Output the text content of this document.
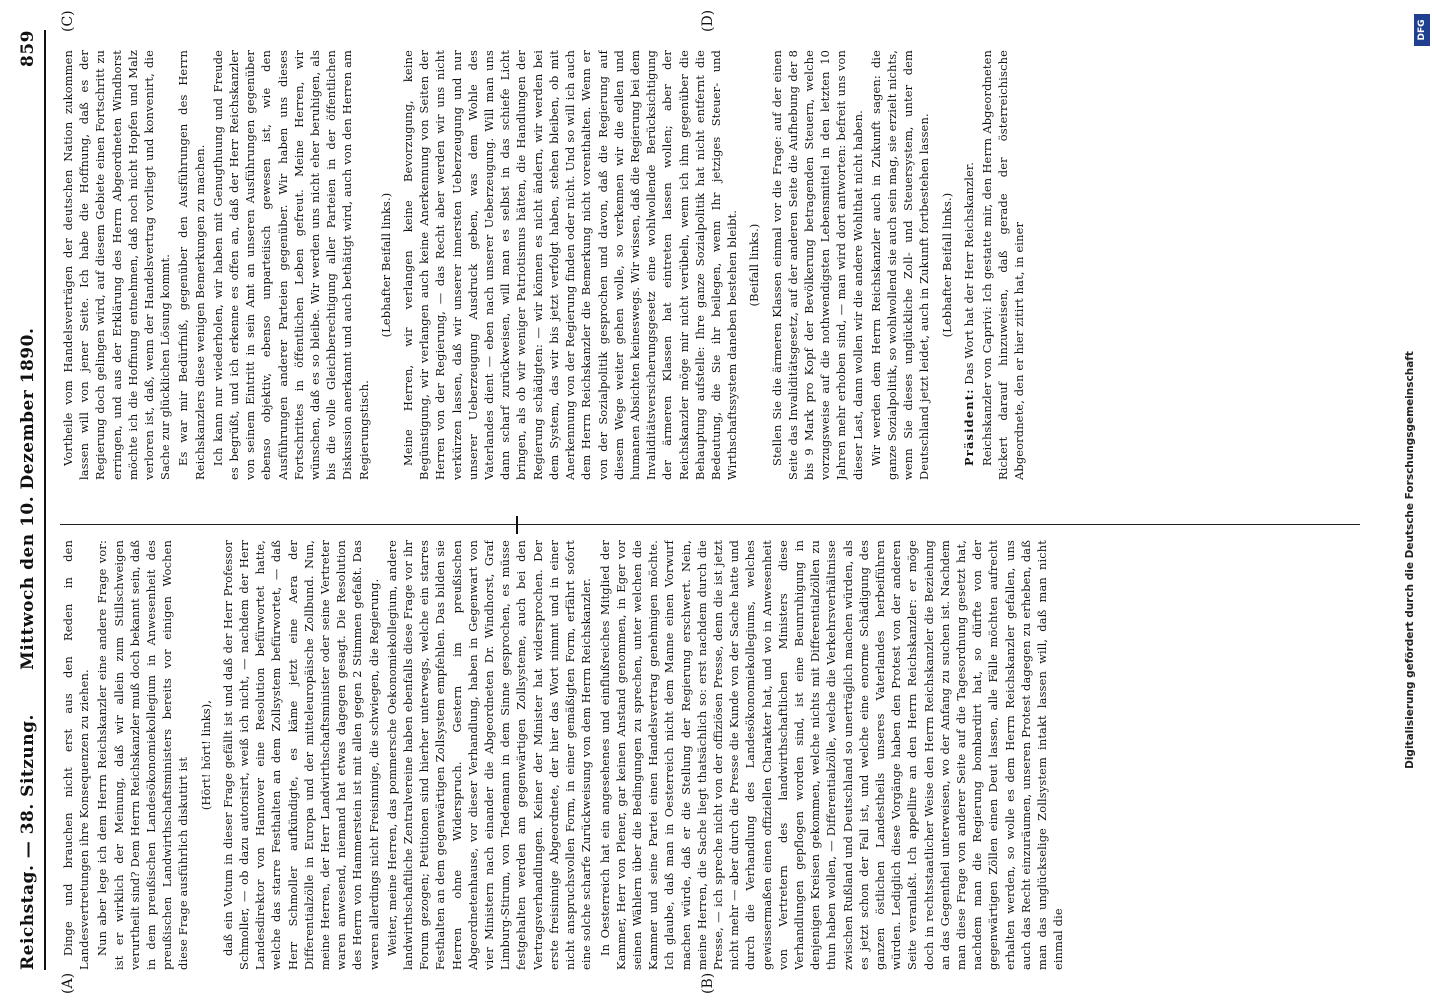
Reichstag. — 38. Sitzung.
Mittwoch den 10. Dezember 1890.
859
(A)	(B)
(C)	(D)

Dinge und brauchen nicht erst aus den Reden in den Landesvertretungen ihre Konsequenzen zu ziehen. Nun aber lege ich dem Herrn Reichskanzler eine andere Frage vor: ist er wirklich der Meinung, daß wir allein zum Stillschweigen verurtheilt sind? Dem Herrn Reichskanzler muß doch bekannt sein, daß in dem preußischen Landesökonomiekollegium in Anwesenheit des preußischen Landwirthschaftsministers bereits vor einigen Wochen diese Frage ausführlich diskutirt ist

(Hört! hört! links), daß ein Votum in dieser Frage gefällt ist und daß der Herr Professor Schmoller, — ob dazu autorisirt, weiß ich nicht, — nachdem der Herr Landesdirektor von Hannover eine Resolution befürwortet hatte, welche das starre Festhalten an dem Zollsystem befürwortet, — daß Herr Schmoller aufkündigte, es käme jetzt eine Aera der Differentialzölle in Europa und der mitteleuropäische Zollbund. Nun, meine Herren, der Herr Landwirthschaftsminister oder seine Vertreter waren anwesend, niemand hat etwas dagegen gesagt. Die Resolution des Herrn von Hammerstein ist mit allen gegen 2 Stimmen gefaßt. Das waren allerdings nicht Freisinnige, die schwiegen, die Regierung. Weiter, meine Herren, das pommersche Oekonomiekollegium, andere landwirthschaftliche Zentralvereine haben ebenfalls diese Frage vor ihr Forum gezogen; Petitionen sind hierher unterwegs, welche ein starres Festhalten an dem gegenwärtigen Zollsystem empfehlen. Das bilden sie Herren ohne Widerspruch. Gestern im preußischen Abgeordnetenhause, vor dieser Verhandlung, haben in Gegenwart von vier Ministern nach einander die Abgeordneten Dr. Windhorst, Graf Limburg-Stirum, von Tiedemann in dem Sinne gesprochen, es müsse festgehalten werden am gegenwärtigen Zollsysteme, auch bei den Vertragsverhandlungen. Keiner der Minister hat widersprochen. Der erste freisinnige Abgeordnete, der hier das Wort nimmt und in einer nicht anspruchsvollen Form, in einer gemäßigten Form, erfährt sofort eine solche scharfe Zurückweisung von dem Herrn Reichskanzler. In Oesterreich hat ein angesehenes und einflußreiches Mitglied der Kammer, Herr von Plener, gar keinen Anstand genommen, in Eger vor seinen Wählern über die Bedingungen zu sprechen, unter welchen die Kammer und seine Partei einen Handelsvertrag genehmigen möchte. Ich glaube, daß man in Oesterreich nicht dem Manne einen Vorwurf machen würde, daß er die Stellung der Regierung erschwert. Nein, meine Herren, die Sache liegt thatsächlich so: erst nachdem durch die Presse, — ich spreche nicht von der offiziösen Presse, denn die ist jetzt nicht mehr — aber durch die Presse die Kunde von der Sache hatte und durch die Verhandlung des Landesökonomiekollegiums, welches gewissermaßen einen offiziellen Charakter hat, und wo in Anwesenheit von Vertretern des landwirthschaftlichen Ministers diese Verhandlungen gepflogen worden sind, ist eine Beunruhigung in denjenigen Kreisen gekommen, welche nichts mit Differentialzöllen zu thun haben wollen, — Differentialzölle, welche die Verkehrsverhältnisse zwischen Rußland und Deutschland so unerträglich machen würden, als es jetzt schon der Fall ist, und welche eine enorme Schädigung des ganzen östlichen Landestheils unseres Vaterlandes herbeiführen würden. Lediglich diese Vorgänge haben den Protest von der anderen Seite veranlaßt. Ich appellire an den Herrn Reichskanzler: er möge doch in rechtsstaatlicher Weise den Herrn Reichskanzler die Beziehung an das Gegentheil unterweisen, wo der Anfang zu suchen ist. Nachdem man diese Frage von anderer Seite auf die Tagesordnung gesetzt hat, nachdem man die Regierung bombardirt hat, so dürfte von der gegenwärtigen Zöllen einen Deut lassen, alle Fälle möchten aufrecht erhalten werden, so wolle es dem Herrn Reichskanzler gefallen, uns auch das Recht einzuräumen, unseren Protest dagegen zu erheben, daß man das unglückselige Zollsystem intakt lassen will, daß man nicht einmal die

Vortheile vom Handelsverträgen der deutschen Nation zukommen lassen will von jener Seite. Ich habe die Hoffnung, daß es der Regierung doch gelingen wird, auf diesem Gebiete einen Fortschritt zu erringen, und aus der Erklärung des Herrn Abgeordneten Windhorst möchte ich die Hoffnung entnehmen, daß noch nicht Hopfen und Malz verloren ist, daß, wenn der Handelsvertrag vorliegt und konvenirt, die Sache zur glücklichen Lösung kommt. Es war mir Bedürfniß, gegenüber den Ausführungen des Herrn Reichskanzlers diese wenigen Bemerkungen zu machen. Ich kann nur wiederholen, wir haben mit Genugthuung und Freude es begrüßt, und ich erkenne es offen an, daß der Herr Reichskanzler von seinem Eintritt in sein Amt an unseren Ausführungen gegenüber ebenso objektiv, ebenso unparteiisch gewesen ist, wie den Ausführungen anderer Parteien gegenüber. Wir haben uns dieses Fortschrittes in öffentlichen Leben gefreut. Meine Herren, wir wünschen, daß es so bleibe. Wir werden uns nicht eher beruhigen, als bis die volle Gleichberechtigung aller Parteien in der öffentlichen Diskussion anerkannt und auch bethätigt wird, auch von den Herren am Regierungstisch.

(Lebhafter Beifall links.) Meine Herren, wir verlangen keine Bevorzugung, keine Begünstigung, wir verlangen auch keine Anerkennung von Seiten der Herren von der Regierung, — das Recht aber werden wir uns nicht verkürzen lassen, daß wir unserer innersten Ueberzeugung und nur unserer Ueberzeugung Ausdruck geben, was dem Wohle des Vaterlandes dient — eben nach unserer Ueberzeugung. Will man uns dann scharf zurückweisen, will man es selbst in das schiefe Licht bringen, als ob wir weniger Patriotismus hätten, die Handlungen der Regierung schädigten: — wir können es nicht ändern, wir werden bei dem System, das wir bis jetzt verfolgt haben, stehen bleiben, ob mit Anerkennung von der Regierung finden oder nicht. Und so will ich auch dem Herrn Reichskanzler die Bemerkung nicht vorenthalten. Wenn er von der Sozialpolitik gesprochen und davon, daß die Regierung auf diesem Wege weiter gehen wolle, so verkennen wir die edlen und humanen Absichten keineswegs. Wir wissen, daß die Regierung bei dem Invaliditätsversicherungsgesetz eine wohlwollende Berücksichtigung der ärmeren Klassen hat eintreten lassen wollen; aber der Reichskanzler möge mir nicht verübeln, wenn ich ihm gegenüber die Behauptung aufstelle: Ihre ganze Sozialpolitik hat nicht entfernt die Bedeutung, die Sie ihr beilegen, wenn Ihr jetziges Steuer- und Wirthschaftssystem daneben bestehen bleibt. (Beifall links.) Stellen Sie die ärmeren Klassen einmal vor die Frage: auf der einen Seite das Invaliditätsgesetz, auf der anderen Seite die Aufhebung der 8 bis 9 Mark pro Kopf der Bevölkerung betragenden Steuern, welche vorzugsweise auf die nothwendigsten Lebensmittel in den letzten 10 Jahren mehr erhoben sind, — man wird dort antworten: befreit uns von dieser Last, dann wollen wir die andere Wohlthat nicht haben. Wir werden dem Herrn Reichskanzler auch in Zukunft sagen: die ganze Sozialpolitik, so wohlwollend sie auch sein mag, sie erzielt nichts, wenn Sie dieses unglückliche Zoll- und Steuersystem, unter dem Deutschland jetzt leidet, auch in Zukunft fortbestehen lassen. (Lebhafter Beifall links.)

Präsident: Das Wort hat der Herr Reichskanzler. Reichskanzler von Caprivi: Ich gestatte mir, den Herrn Abgeordneten Rickert darauf hinzuweisen, daß gerade der österreichische Abgeordnete, den er hier zitirt hat, in einer

DFG
Digitalisierung gefördert durch die Deutsche Forschungsgemeinschaft
